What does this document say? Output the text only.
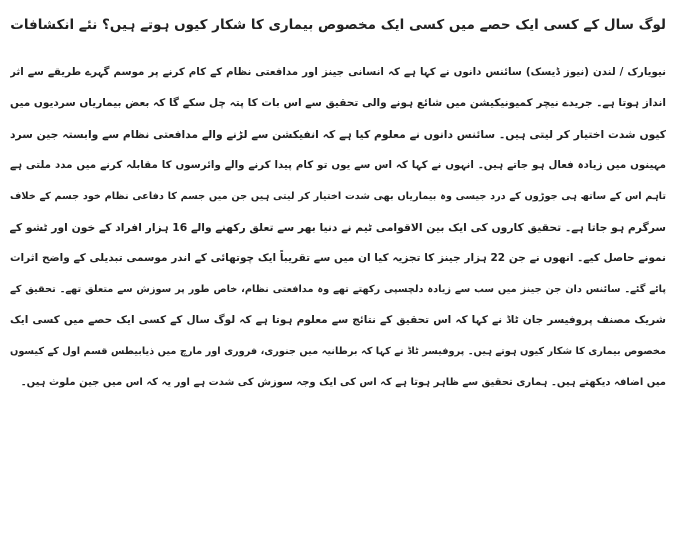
لوگ سال کے کسی ایک حصے میں کسی ایک مخصوص بیماری کا شکار کیوں ہوتے ہیں؟ نئے انکشافات
نیویارک / لندن (نیوز ڈیسک) سائنس دانوں نے کہا ہے کہ انسانی جینز اور مدافعتی نظام کے کام کرنے پر موسم گہرے طریقے سے اثر
انداز ہوتا ہے۔ جریدے نیچر کمیونیکیشن میں شائع ہونے والی تحقیق سے اس بات کا پتہ چل سکے گا کہ بعض بیماریاں سردیوں میں
کیوں شدت اختیار کر لیتی ہیں۔ سائنس دانوں نے معلوم کیا ہے کہ انفیکشن سے لڑنے والے مدافعتی نظام سے وابستہ جین سرد
مہینوں میں زیادہ فعال ہو جاتے ہیں۔ انہوں نے کہا کہ اس سے یوں تو کام پیدا کرنے والے وائرسوں کا مقابلہ کرنے میں مدد ملتی ہے
تاہم اس کے ساتھ ہی جوڑوں کے درد جیسی وہ بیماریاں بھی شدت اختیار کر لیتی ہیں جن میں جسم کا دفاعی نظام خود جسم کے خلاف
سرگرم ہو جاتا ہے۔ تحقیق کاروں کی ایک بین الاقوامی ٹیم نے دنیا بھر سے تعلق رکھنے والے 16 ہزار افراد کے خون اور ٹشو کے
نمونے حاصل کیے۔ انھوں نے جن 22 ہزار جینز کا تجزیہ کیا ان میں سے تقریباً ایک چوتھائی کے اندر موسمی تبدیلی کے واضح اثرات
پائے گئے۔ سائنس دان جن جینز میں سب سے زیادہ دلچسپی رکھتے تھے وہ مدافعتی نظام، خاص طور پر سوزش سے متعلق تھے۔ تحقیق کے
شریک مصنف پروفیسر جان ٹاڈ نے کہا کہ اس تحقیق کے نتائج سے معلوم ہوتا ہے کہ لوگ سال کے کسی ایک حصے میں کسی ایک
مخصوص بیماری کا شکار کیوں ہوتے ہیں۔ پروفیسر ٹاڈ نے کہا کہ برطانیہ میں جنوری، فروری اور مارچ میں ذیابیطس قسم اول کے کیسوں
میں اضافہ دیکھتے ہیں۔ ہماری تحقیق سے ظاہر ہوتا ہے کہ اس کی ایک وجہ سوزش کی شدت ہے اور یہ کہ اس میں جین ملوث ہیں۔
